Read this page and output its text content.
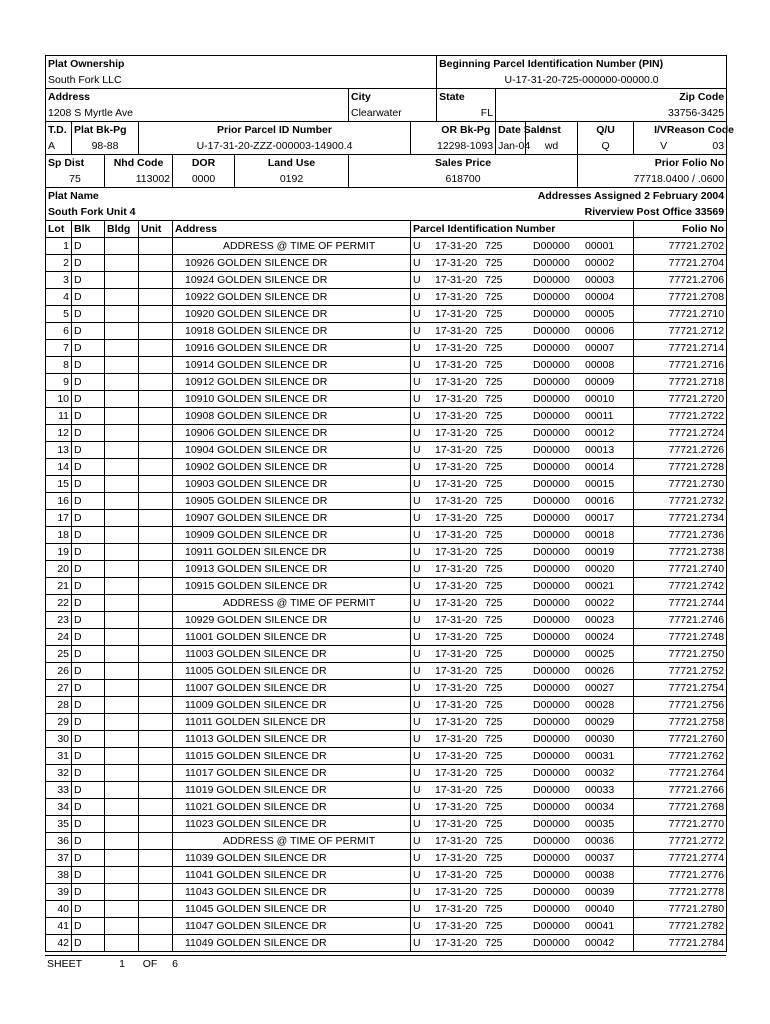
Plat Ownership								Beginning Parcel Identification Number (PIN)				
South Fork LLC								U-17-31-20-725-000000-00000.0				
Address						City		State	Zip Code			
1208 S Myrtle Ave						Clearwater		FL	33756-3425			
T.D.	Plat Bk-Pg		Prior Parcel ID Number					OR Bk-Pg	Date Sale	Inst	Q/U	I/V Reason Code
A	98-88		U-17-31-20-ZZZ-000003-14900.4				12298-1093		Jan-04	wd	Q	V 03
Sp Dist		Nhd Code		DOR	Land Use	Sales Price					Prior Folio No	
75		113002		0000	0192	618700					77718.0400 / .0600	
Plat Name						Addresses Assigned 2 February 2004						
South Fork Unit 4						Riverview Post Office 33569						
Lot	Blk	Bldg	Unit	Address			Parcel Identification Number					Folio No
1	D			ADDRESS @ TIME OF PERMIT			U 17-31-20 725 D00000 00001					77721.2702
2	D			10926 GOLDEN SILENCE DR			U 17-31-20 725 D00000 00002					77721.2704
3	D			10924 GOLDEN SILENCE DR			U 17-31-20 725 D00000 00003					77721.2706
4	D			10922 GOLDEN SILENCE DR			U 17-31-20 725 D00000 00004					77721.2708
5	D			10920 GOLDEN SILENCE DR			U 17-31-20 725 D00000 00005					77721.2710
6	D			10918 GOLDEN SILENCE DR			U 17-31-20 725 D00000 00006					77721.2712
7	D			10916 GOLDEN SILENCE DR			U 17-31-20 725 D00000 00007					77721.2714
8	D			10914 GOLDEN SILENCE DR			U 17-31-20 725 D00000 00008					77721.2716
9	D			10912 GOLDEN SILENCE DR			U 17-31-20 725 D00000 00009					77721.2718
10	D			10910 GOLDEN SILENCE DR			U 17-31-20 725 D00000 00010					77721.2720
11	D			10908 GOLDEN SILENCE DR			U 17-31-20 725 D00000 00011					77721.2722
12	D			10906 GOLDEN SILENCE DR			U 17-31-20 725 D00000 00012					77721.2724
13	D			10904 GOLDEN SILENCE DR			U 17-31-20 725 D00000 00013					77721.2726
14	D			10902 GOLDEN SILENCE DR			U 17-31-20 725 D00000 00014					77721.2728
15	D			10903 GOLDEN SILENCE DR			U 17-31-20 725 D00000 00015					77721.2730
16	D			10905 GOLDEN SILENCE DR			U 17-31-20 725 D00000 00016					77721.2732
17	D			10907 GOLDEN SILENCE DR			U 17-31-20 725 D00000 00017					77721.2734
18	D			10909 GOLDEN SILENCE DR			U 17-31-20 725 D00000 00018					77721.2736
19	D			10911 GOLDEN SILENCE DR			U 17-31-20 725 D00000 00019					77721.2738
20	D			10913 GOLDEN SILENCE DR			U 17-31-20 725 D00000 00020					77721.2740
21	D			10915 GOLDEN SILENCE DR			U 17-31-20 725 D00000 00021					77721.2742
22	D			ADDRESS @ TIME OF PERMIT			U 17-31-20 725 D00000 00022					77721.2744
23	D			10929 GOLDEN SILENCE DR			U 17-31-20 725 D00000 00023					77721.2746
24	D			11001 GOLDEN SILENCE DR			U 17-31-20 725 D00000 00024					77721.2748
25	D			11003 GOLDEN SILENCE DR			U 17-31-20 725 D00000 00025					77721.2750
26	D			11005 GOLDEN SILENCE DR			U 17-31-20 725 D00000 00026					77721.2752
27	D			11007 GOLDEN SILENCE DR			U 17-31-20 725 D00000 00027					77721.2754
28	D			11009 GOLDEN SILENCE DR			U 17-31-20 725 D00000 00028					77721.2756
29	D			11011 GOLDEN SILENCE DR			U 17-31-20 725 D00000 00029					77721.2758
30	D			11013 GOLDEN SILENCE DR			U 17-31-20 725 D00000 00030					77721.2760
31	D			11015 GOLDEN SILENCE DR			U 17-31-20 725 D00000 00031					77721.2762
32	D			11017 GOLDEN SILENCE DR			U 17-31-20 725 D00000 00032					77721.2764
33	D			11019 GOLDEN SILENCE DR			U 17-31-20 725 D00000 00033					77721.2766
34	D			11021 GOLDEN SILENCE DR			U 17-31-20 725 D00000 00034					77721.2768
35	D			11023 GOLDEN SILENCE DR			U 17-31-20 725 D00000 00035					77721.2770
36	D			ADDRESS @ TIME OF PERMIT			U 17-31-20 725 D00000 00036					77721.2772
37	D			11039 GOLDEN SILENCE DR			U 17-31-20 725 D00000 00037					77721.2774
38	D			11041 GOLDEN SILENCE DR			U 17-31-20 725 D00000 00038					77721.2776
39	D			11043 GOLDEN SILENCE DR			U 17-31-20 725 D00000 00039					77721.2778
40	D			11045 GOLDEN SILENCE DR			U 17-31-20 725 D00000 00040					77721.2780
41	D			11047 GOLDEN SILENCE DR			U 17-31-20 725 D00000 00041					77721.2782
42	D			11049 GOLDEN SILENCE DR			U 17-31-20 725 D00000 00042					77721.2784
SHEET	1 OF 6
